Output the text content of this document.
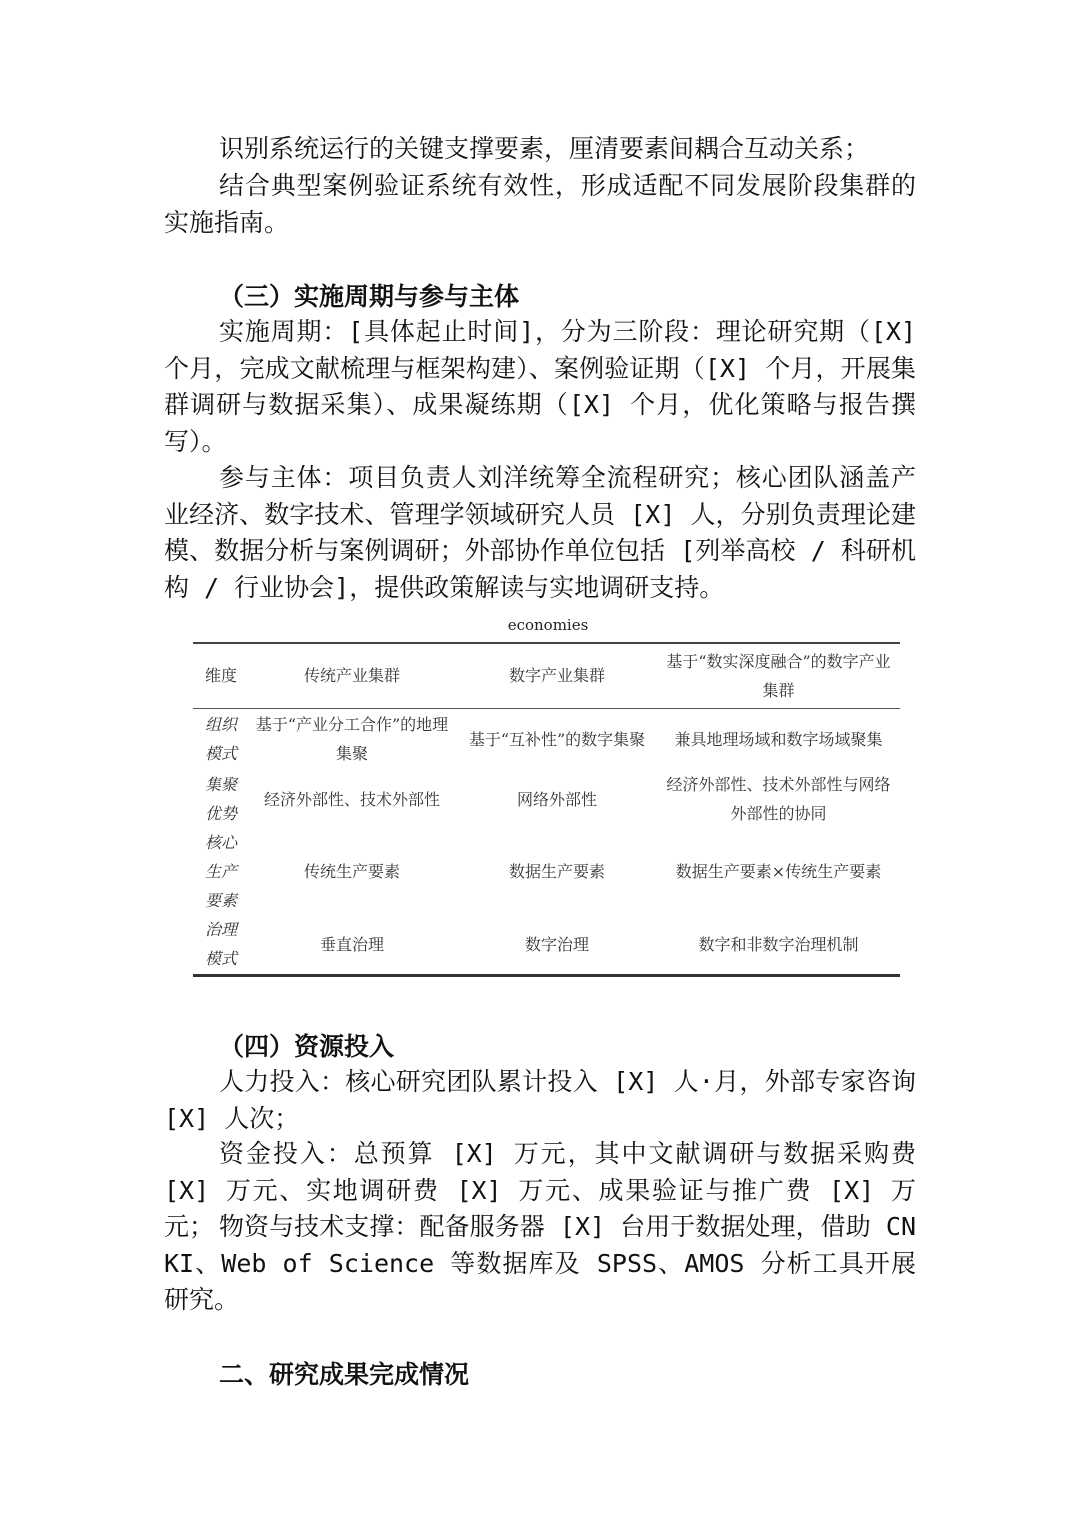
识别系统运行的关键支撑要素，厘清要素间耦合互动关系；

结合典型案例验证系统有效性，形成适配不同发展阶段集群的实施指南。

（三）实施周期与参与主体

实施周期：[具体起止时间]，分为三阶段：理论研究期（[X] 个月，完成文献梳理与框架构建）、案例验证期（[X] 个月，开展集群调研与数据采集）、成果凝练期（[X] 个月，优化策略与报告撰写）。

参与主体：项目负责人刘洋统筹全流程研究；核心团队涵盖产业经济、数字技术、管理学领域研究人员 [X] 人，分别负责理论建模、数据分析与案例调研；外部协作单位包括 [列举高校 / 科研机构 / 行业协会]，提供政策解读与实地调研支持。

economies
维度	传统产业集群	数字产业集群	基于“数实深度融合”的数字产业集群
组织模式	基于“产业分工合作”的地理集聚	基于“互补性”的数字集聚	兼具地理场域和数字场域聚集
集聚优势	经济外部性、技术外部性	网络外部性	经济外部性、技术外部性与网络外部性的协同
核心生产要素	传统生产要素	数据生产要素	数据生产要素×传统生产要素
治理模式	垂直治理	数字治理	数字和非数字治理机制

（四）资源投入

人力投入：核心研究团队累计投入 [X] 人·月，外部专家咨询 [X] 人次；

资金投入：总预算 [X] 万元，其中文献调研与数据采购费 [X] 万元、实地调研费 [X] 万元、成果验证与推广费 [X] 万元； 物资与技术支撑：配备服务器 [X] 台用于数据处理，借助 CNKI、Web of Science 等数据库及 SPSS、AMOS 分析工具开展研究。

二、研究成果完成情况
